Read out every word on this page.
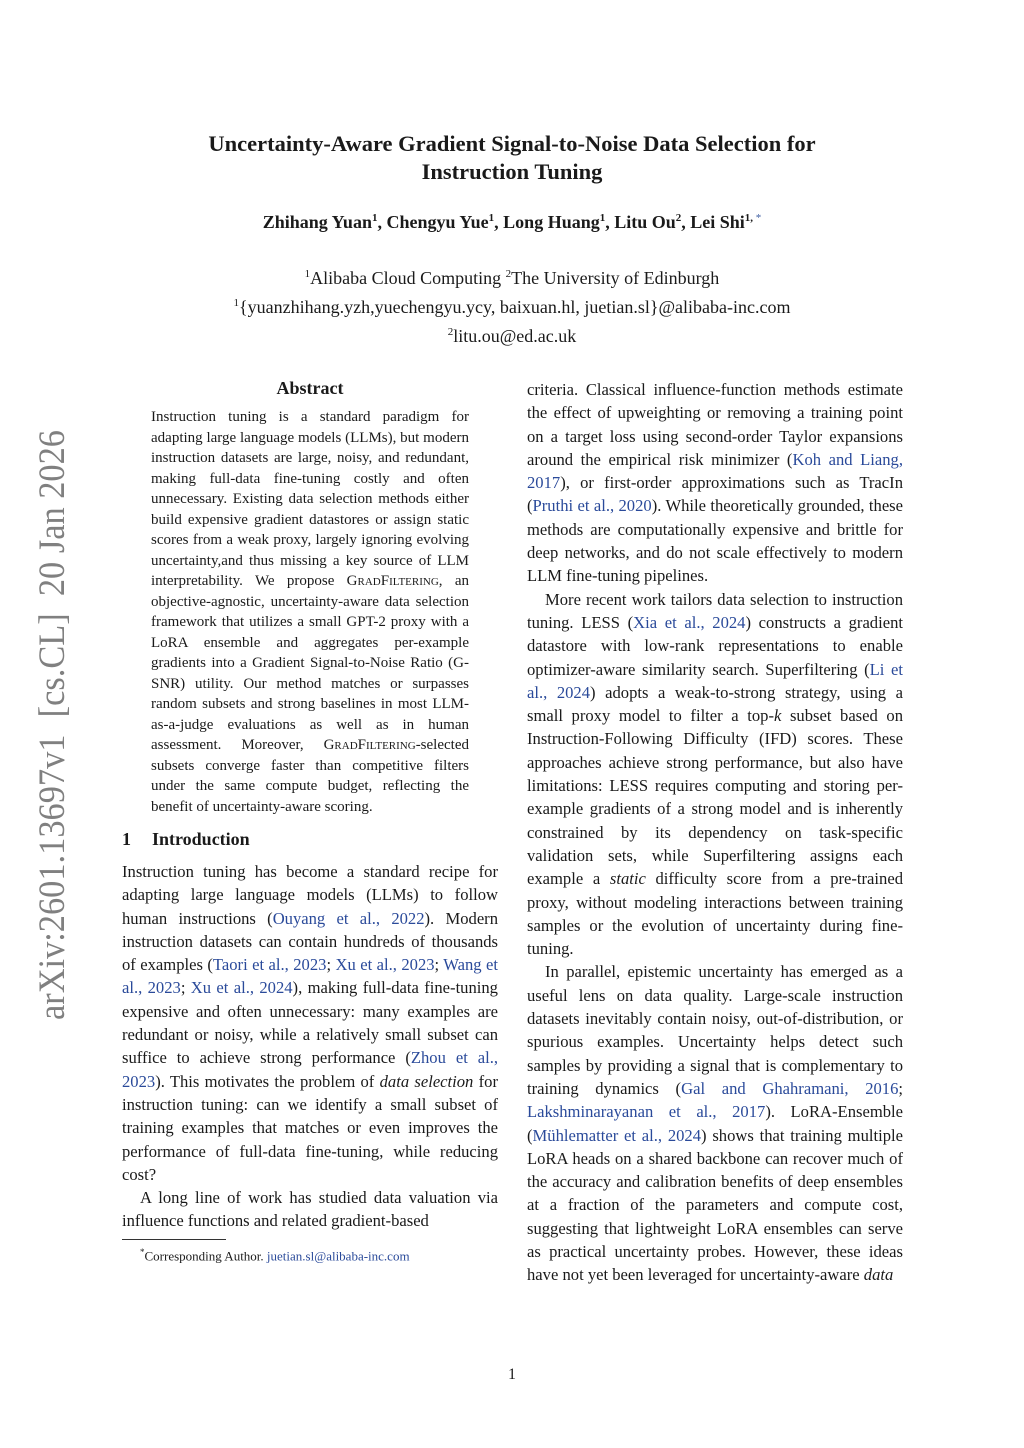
arXiv:2601.13697v1  [cs.CL]  20 Jan 2026
Uncertainty-Aware Gradient Signal-to-Noise Data Selection for
Instruction Tuning
Zhihang Yuan$^1$, Chengyu Yue$^1$, Long Huang$^1$, Litu Ou$^2$, Lei Shi$^{1, *}$
$^1$Alibaba Cloud Computing $^2$The University of Edinburgh
$^1${yuanzhihang.yzh,yuechengyu.ycy, baixuan.hl, juetian.sl}@alibaba-inc.com
$^2$litu.ou@ed.ac.uk
Abstract
Instruction tuning is a standard paradigm for adapting large language models (LLMs), but modern instruction datasets are large, noisy, and redundant, making full-data fine-tuning costly and often unnecessary. Existing data selection methods either build expensive gradient datastores or assign static scores from a weak proxy, largely ignoring evolving uncertainty,and thus missing a key source of LLM interpretability. We propose GradFiltering, an objective-agnostic, uncertainty-aware data selection framework that utilizes a small GPT-2 proxy with a LoRA ensemble and aggregates per-example gradients into a Gradient Signal-to-Noise Ratio (G-SNR) utility. Our method matches or surpasses random subsets and strong baselines in most LLM-as-a-judge evaluations as well as in human assessment. Moreover, GradFiltering-selected subsets converge faster than competitive filters under the same compute budget, reflecting the benefit of uncertainty-aware scoring.
1 Introduction

Instruction tuning has become a standard recipe for adapting large language models (LLMs) to follow human instructions (Ouyang et al., 2022). Modern instruction datasets can contain hundreds of thousands of examples (Taori et al., 2023; Xu et al., 2023; Wang et al., 2023; Xu et al., 2024), making full-data fine-tuning expensive and often unnecessary: many examples are redundant or noisy, while a relatively small subset can suffice to achieve strong performance (Zhou et al., 2023). This motivates the problem of data selection for instruction tuning: can we identify a small subset of training examples that matches or even improves the performance of full-data fine-tuning, while reducing cost?

A long line of work has studied data valuation via influence functions and related gradient-based

*Corresponding Author. juetian.sl@alibaba-inc.com

criteria. Classical influence-function methods estimate the effect of upweighting or removing a training point on a target loss using second-order Taylor expansions around the empirical risk minimizer (Koh and Liang, 2017), or first-order approximations such as TracIn (Pruthi et al., 2020). While theoretically grounded, these methods are computationally expensive and brittle for deep networks, and do not scale effectively to modern LLM fine-tuning pipelines.

More recent work tailors data selection to instruction tuning. LESS (Xia et al., 2024) constructs a gradient datastore with low-rank representations to enable optimizer-aware similarity search. Superfiltering (Li et al., 2024) adopts a weak-to-strong strategy, using a small proxy model to filter a top-k subset based on Instruction-Following Difficulty (IFD) scores. These approaches achieve strong performance, but also have limitations: LESS requires computing and storing per-example gradients of a strong model and is inherently constrained by its dependency on task-specific validation sets, while Superfiltering assigns each example a static difficulty score from a pre-trained proxy, without modeling interactions between training samples or the evolution of uncertainty during fine-tuning.

In parallel, epistemic uncertainty has emerged as a useful lens on data quality. Large-scale instruction datasets inevitably contain noisy, out-of-distribution, or spurious examples. Uncertainty helps detect such samples by providing a signal that is complementary to training dynamics (Gal and Ghahramani, 2016; Lakshminarayanan et al., 2017). LoRA-Ensemble (Mühlematter et al., 2024) shows that training multiple LoRA heads on a shared backbone can recover much of the accuracy and calibration benefits of deep ensembles at a fraction of the parameters and compute cost, suggesting that lightweight LoRA ensembles can serve as practical uncertainty probes. However, these ideas have not yet been leveraged for uncertainty-aware data

1
